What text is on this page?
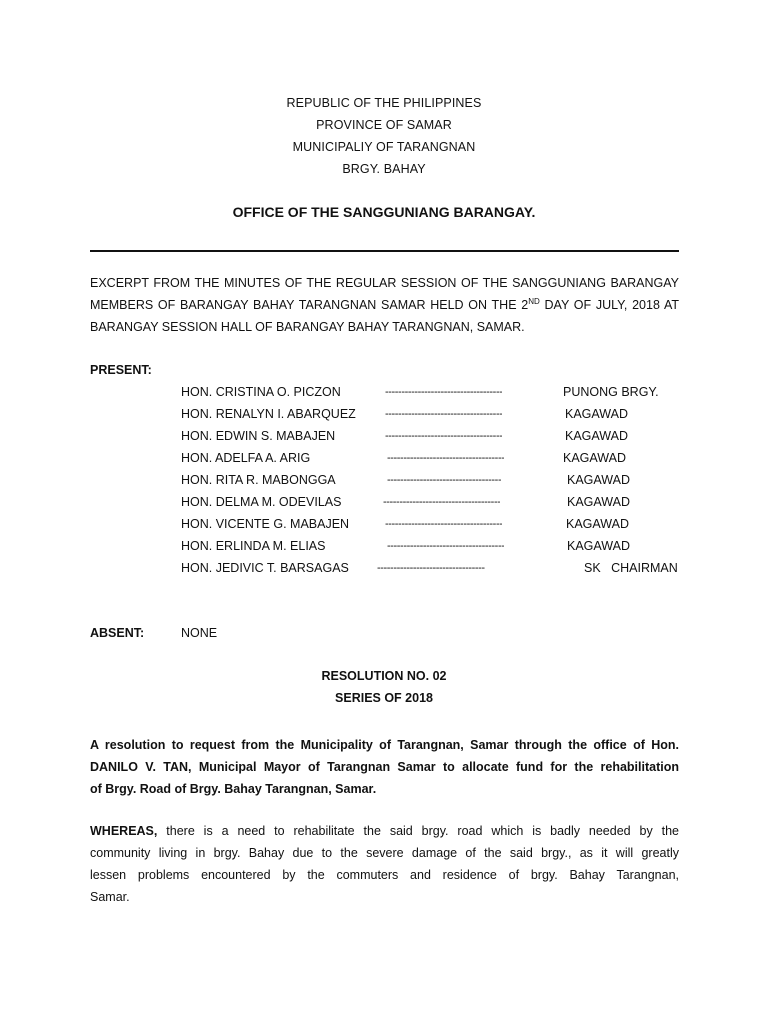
REPUBLIC OF THE PHILIPPINES
PROVINCE OF SAMAR
MUNICIPALIY OF TARANGNAN
BRGY. BAHAY
OFFICE OF THE SANGGUNIANG BARANGAY.
EXCERPT FROM THE MINUTES OF THE REGULAR SESSION OF THE SANGGUNIANG BARANGAY
MEMBERS OF BARANGAY BAHAY TARANGNAN SAMAR HELD ON THE 2ND DAY OF JULY, 2018 AT
BARANGAY SESSION HALL OF BARANGAY BAHAY TARANGNAN, SAMAR.
PRESENT:
HON. CRISTINA O. PICZON	------------------------------------	PUNONG BRGY.
HON. RENALYN I. ABARQUEZ	------------------------------------	KAGAWAD
HON. EDWIN S. MABAJEN	------------------------------------	KAGAWAD
HON. ADELFA A. ARIG	------------------------------------	KAGAWAD
HON. RITA R. MABONGGA	-----------------------------------	KAGAWAD
HON. DELMA M. ODEVILAS	------------------------------------	KAGAWAD
HON. VICENTE G. MABAJEN	------------------------------------	KAGAWAD
HON. ERLINDA M. ELIAS	------------------------------------	KAGAWAD
HON. JEDIVIC T. BARSAGAS	---------------------------------	SK   CHAIRMAN
ABSENT:	NONE
RESOLUTION NO. 02
SERIES OF 2018
A resolution to request from the Municipality of Tarangnan, Samar through the office of Hon.
DANILO V. TAN, Municipal Mayor of Tarangnan Samar to allocate fund for the rehabilitation
of Brgy. Road of Brgy. Bahay Tarangnan, Samar.
WHEREAS, there is a need to rehabilitate the said brgy. road which is badly needed by the
community living in brgy. Bahay due to the severe damage of the said brgy., as it will greatly
lessen problems encountered by the commuters and residence of brgy. Bahay Tarangnan,
Samar.
